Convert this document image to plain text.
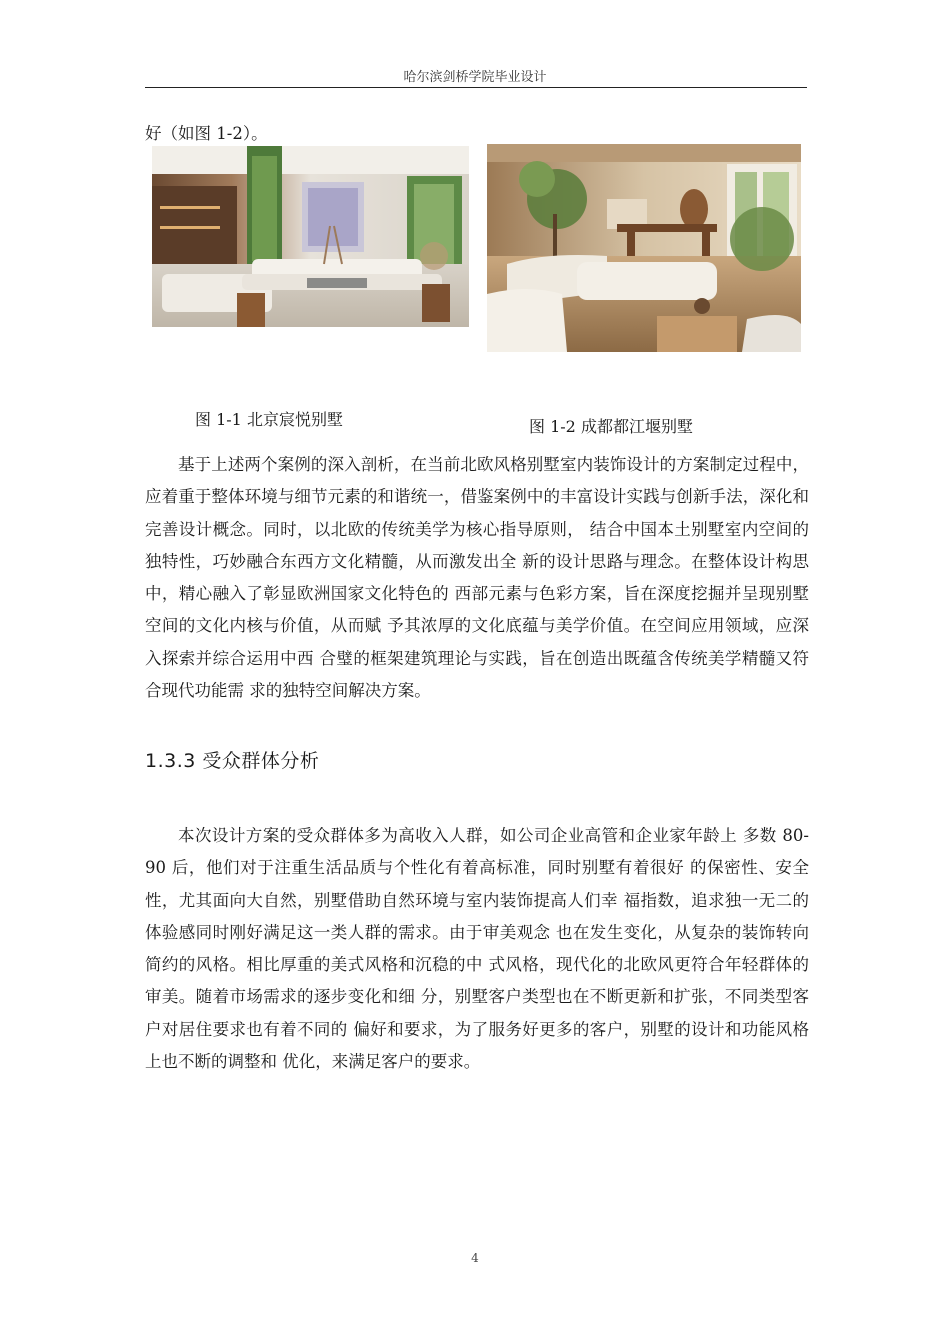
哈尔滨剑桥学院毕业设计
好（如图 1-2）。
图 1-1 北京宸悦别墅	图 1-2 成都都江堰别墅

基于上述两个案例的深入剖析，在当前北欧风格别墅室内装饰设计的方案制定过程中，应着重于整体环境与细节元素的和谐统一，借鉴案例中的丰富设计实践与创新手法，深化和完善设计概念。同时，以北欧的传统美学为核心指导原则， 结合中国本土别墅室内空间的独特性，巧妙融合东西方文化精髓，从而激发出全 新的设计思路与理念。在整体设计构思中，精心融入了彰显欧洲国家文化特色的 西部元素与色彩方案，旨在深度挖掘并呈现别墅空间的文化内核与价值，从而赋 予其浓厚的文化底蕴与美学价值。在空间应用领域，应深入探索并综合运用中西 合璧的框架建筑理论与实践，旨在创造出既蕴含传统美学精髓又符合现代功能需 求的独特空间解决方案。

1.3.3 受众群体分析

本次设计方案的受众群体多为高收入人群，如公司企业高管和企业家年龄上 多数 80-90 后，他们对于注重生活品质与个性化有着高标准，同时别墅有着很好 的保密性、安全性，尤其面向大自然，别墅借助自然环境与室内装饰提高人们幸 福指数，追求独一无二的体验感同时刚好满足这一类人群的需求。由于审美观念 也在发生变化，从复杂的装饰转向简约的风格。相比厚重的美式风格和沉稳的中 式风格，现代化的北欧风更符合年轻群体的审美。随着市场需求的逐步变化和细 分，别墅客户类型也在不断更新和扩张，不同类型客户对居住要求也有着不同的 偏好和要求，为了服务好更多的客户，别墅的设计和功能风格上也不断的调整和 优化，来满足客户的要求。

4
